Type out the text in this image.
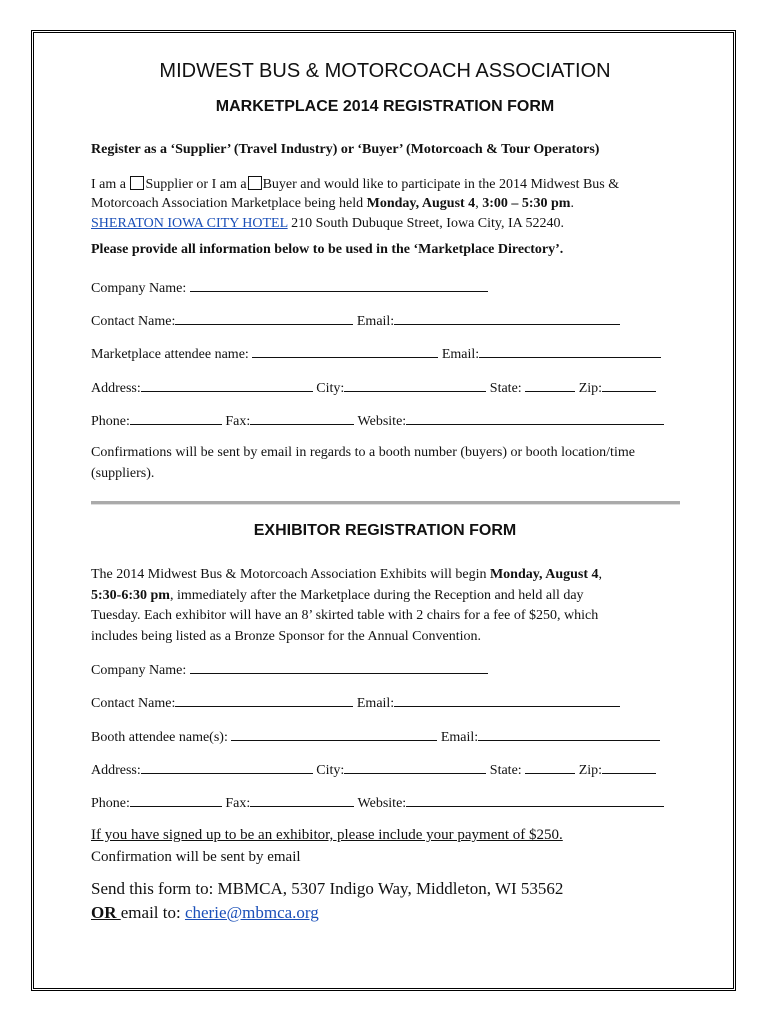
MIDWEST BUS & MOTORCOACH ASSOCIATION
MARKETPLACE 2014 REGISTRATION FORM
Register as a ‘Supplier’ (Travel Industry) or ‘Buyer’ (Motorcoach & Tour Operators)
I am a Supplier or I am a Buyer and would like to participate in the 2014 Midwest Bus &
Motorcoach Association Marketplace being held Monday, August 4, 3:00 – 5:30 pm.
SHERATON IOWA CITY HOTEL 210 South Dubuque Street, Iowa City, IA 52240.
Please provide all information below to be used in the ‘Marketplace Directory’.
Company Name:
Contact Name:	Email:
Marketplace attendee name:	Email:
Address:	City:	State:	Zip:
Phone:	Fax:	Website:
Confirmations will be sent by email in regards to a booth number (buyers) or booth location/time
(suppliers).
EXHIBITOR REGISTRATION FORM
The 2014 Midwest Bus & Motorcoach Association Exhibits will begin Monday, August 4,
5:30-6:30 pm, immediately after the Marketplace during the Reception and held all day
Tuesday. Each exhibitor will have an 8’ skirted table with 2 chairs for a fee of $250, which
includes being listed as a Bronze Sponsor for the Annual Convention.
Company Name:
Contact Name:	Email:
Booth attendee name(s):	Email:
Address:	City:	State:	Zip:
Phone:	Fax:	Website:
If you have signed up to be an exhibitor, please include your payment of $250.
Confirmation will be sent by email
Send this form to: MBMCA, 5307 Indigo Way, Middleton, WI 53562
OR email to: cherie@mbmca.org
